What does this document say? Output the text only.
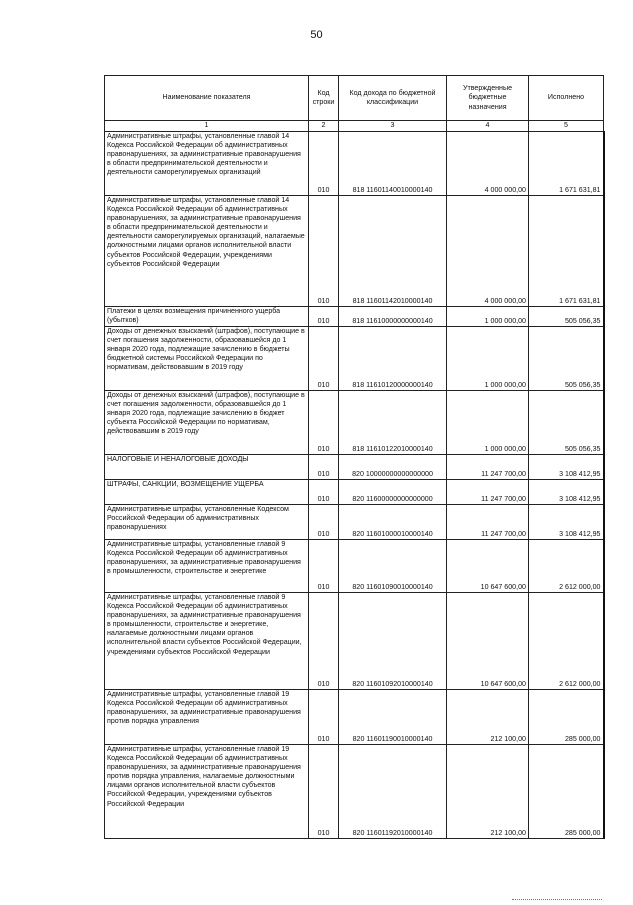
50
Наименование показателя	Код строки	Код дохода по бюджетной классификации	Утвержденные бюджетные назначения	Исполнено
1	2	3	4	5
Административные штрафы, установленные главой 14 Кодекса Российской Федерации об административных правонарушениях, за административные правонарушения в области предпринимательской деятельности и деятельности саморегулируемых организаций	010	818 11601140010000140	4 000 000,00	1 671 631,81
Административные штрафы, установленные главой 14 Кодекса Российской Федерации об административных правонарушениях, за административные правонарушения в области предпринимательской деятельности и деятельности саморегулируемых организаций, налагаемые должностными лицами органов исполнительной власти субъектов Российской Федерации, учреждениями субъектов Российской Федерации	010	818 11601142010000140	4 000 000,00	1 671 631,81
Платежи в целях возмещения причиненного ущерба (убытков)	010	818 11610000000000140	1 000 000,00	505 056,35
Доходы от денежных взысканий (штрафов), поступающие в счет погашения задолженности, образовавшейся до 1 января 2020 года, подлежащие зачислению в бюджеты бюджетной системы Российской Федерации по нормативам, действовавшим в 2019 году	010	818 11610120000000140	1 000 000,00	505 056,35
Доходы от денежных взысканий (штрафов), поступающие в счет погашения задолженности, образовавшейся до 1 января 2020 года, подлежащие зачислению в бюджет субъекта Российской Федерации по нормативам, действовавшим в 2019 году	010	818 11610122010000140	1 000 000,00	505 056,35
НАЛОГОВЫЕ И НЕНАЛОГОВЫЕ ДОХОДЫ	010	820 10000000000000000	11 247 700,00	3 108 412,95
ШТРАФЫ, САНКЦИИ, ВОЗМЕЩЕНИЕ УЩЕРБА	010	820 11600000000000000	11 247 700,00	3 108 412,95
Административные штрафы, установленные Кодексом Российской Федерации об административных правонарушениях	010	820 11601000010000140	11 247 700,00	3 108 412,95
Административные штрафы, установленные главой 9 Кодекса Российской Федерации об административных правонарушениях, за административные правонарушения в промышленности, строительстве и энергетике	010	820 11601090010000140	10 647 600,00	2 612 000,00
Административные штрафы, установленные главой 9 Кодекса Российской Федерации об административных правонарушениях, за административные правонарушения в промышленности, строительстве и энергетике, налагаемые должностными лицами органов исполнительной власти субъектов Российской Федерации, учреждениями субъектов Российской Федерации	010	820 11601092010000140	10 647 600,00	2 612 000,00
Административные штрафы, установленные главой 19 Кодекса Российской Федерации об административных правонарушениях, за административные правонарушения против порядка управления	010	820 11601190010000140	212 100,00	285 000,00
Административные штрафы, установленные главой 19 Кодекса Российской Федерации об административных правонарушениях, за административные правонарушения против порядка управления, налагаемые должностными лицами органов исполнительной власти субъектов Российской Федерации, учреждениями субъектов Российской Федерации	010	820 11601192010000140	212 100,00	285 000,00
